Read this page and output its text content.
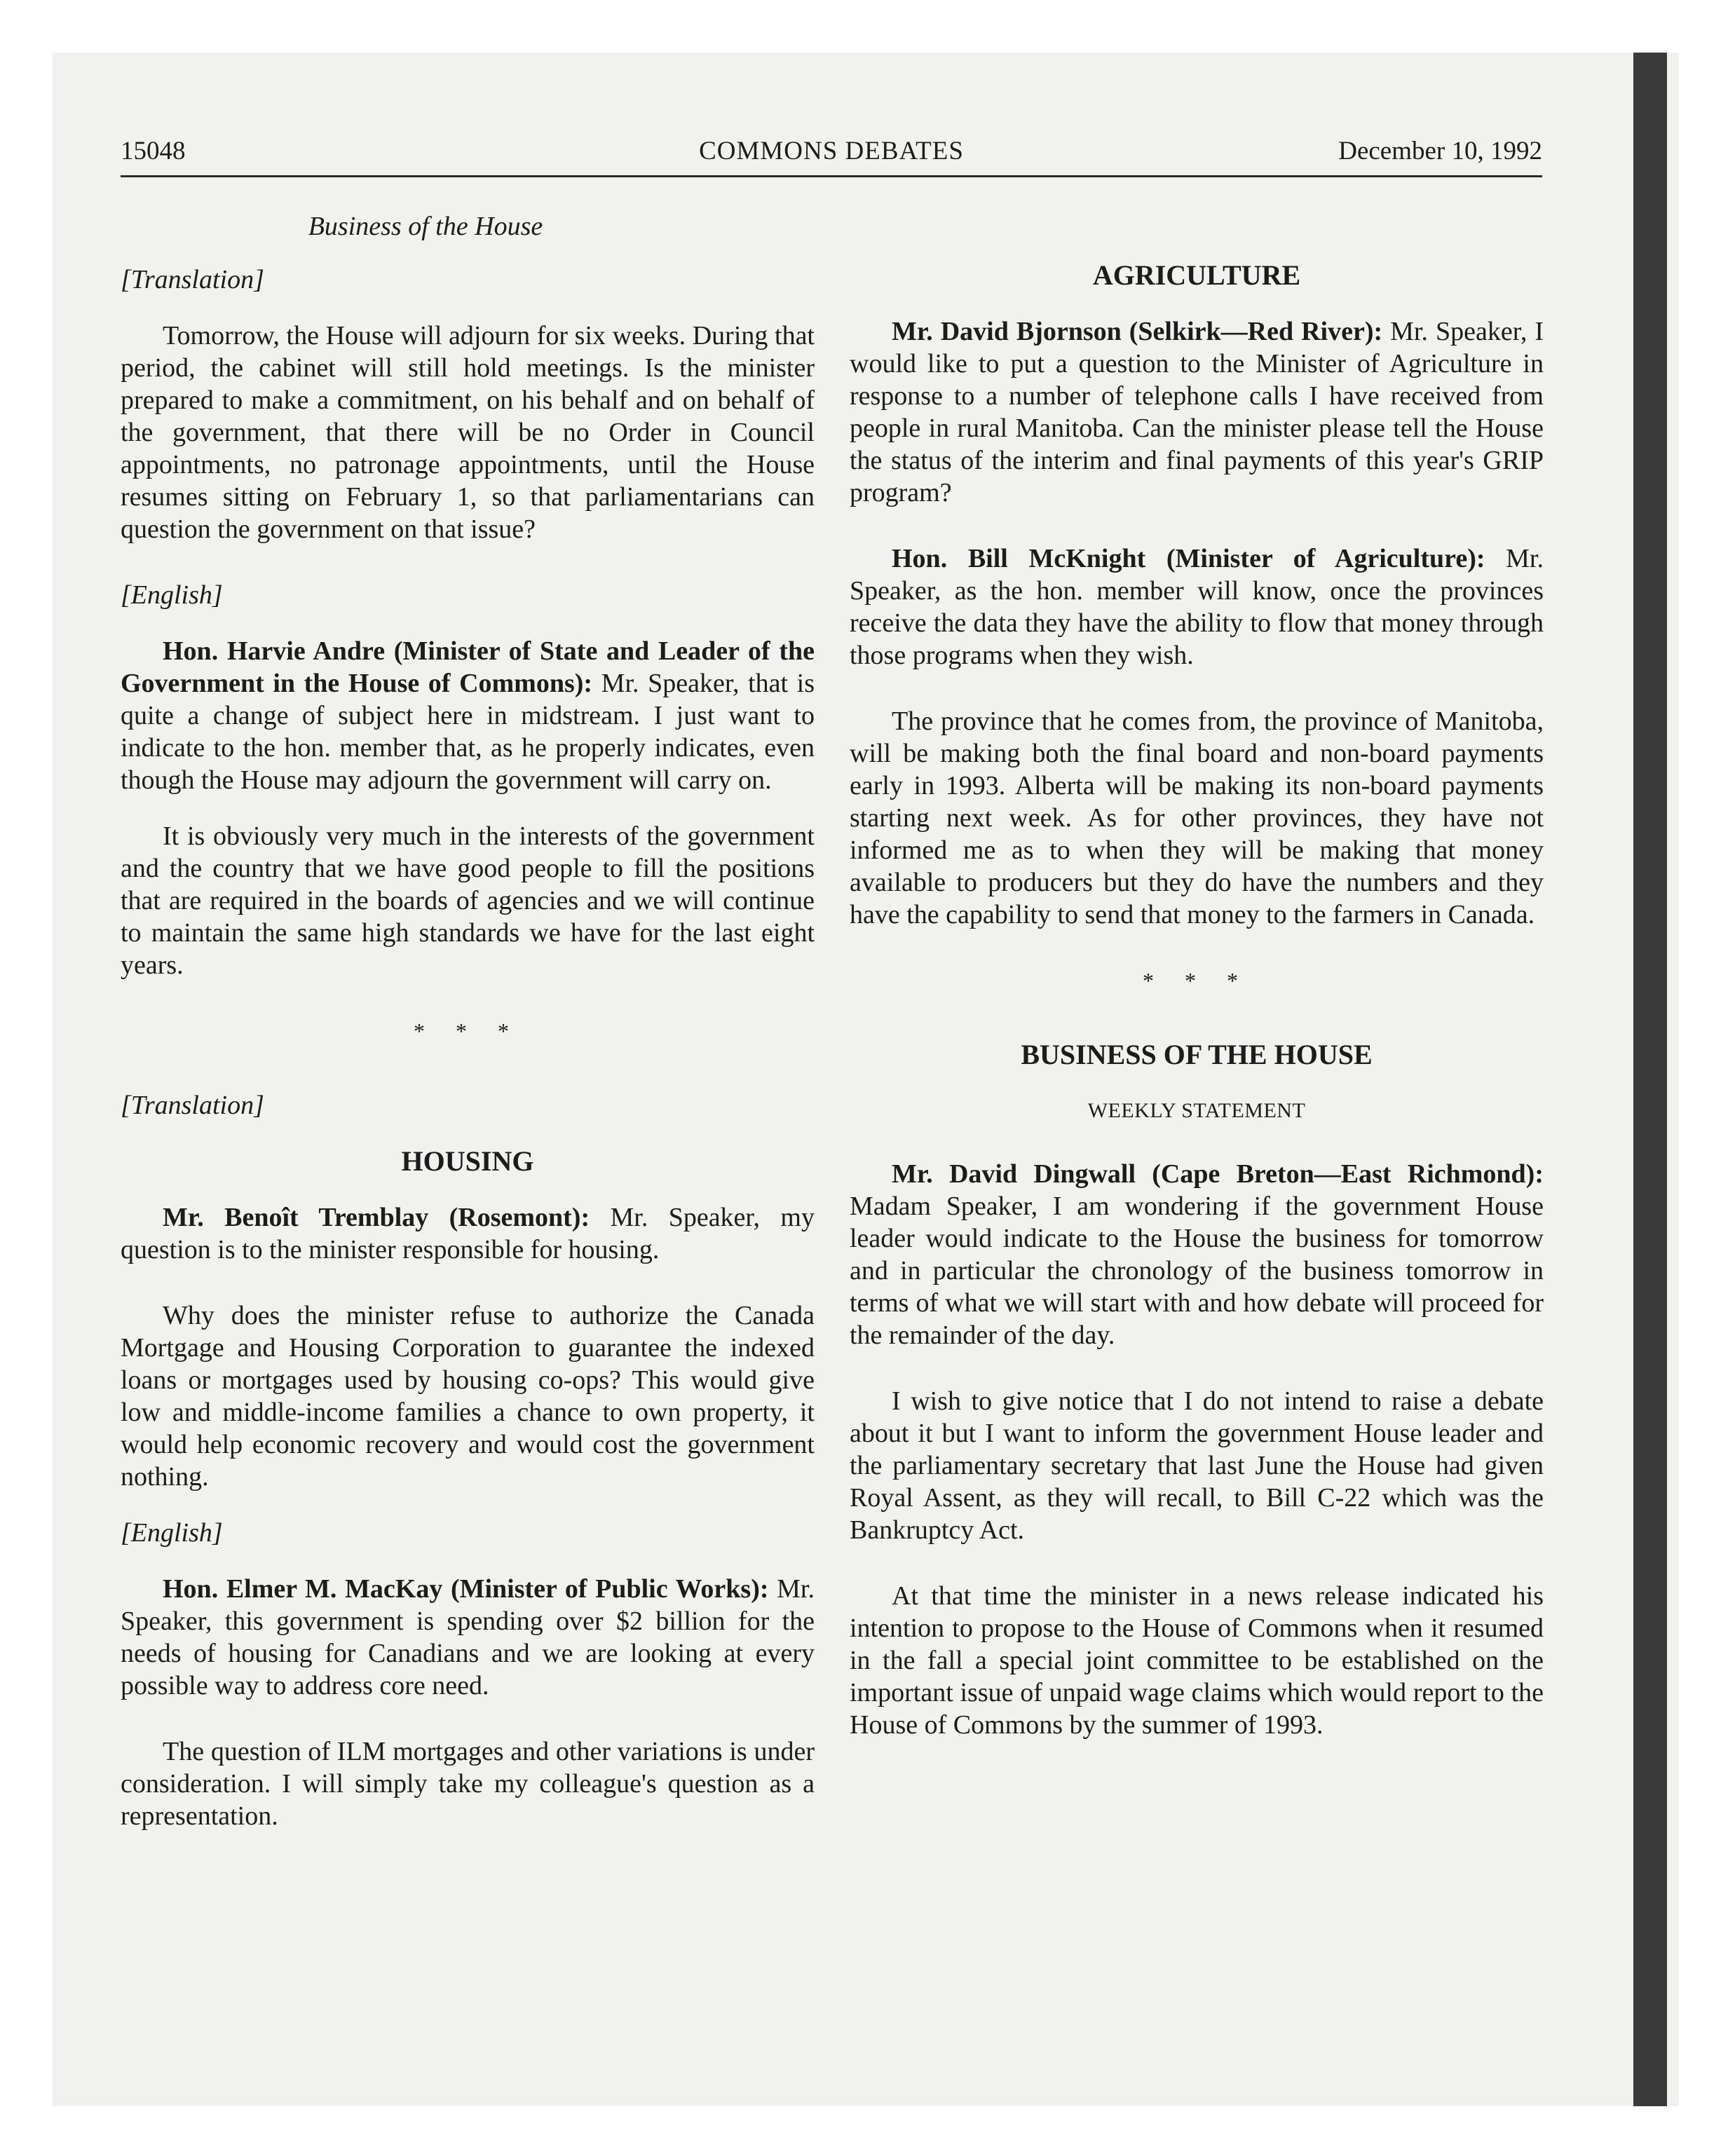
15048	COMMONS DEBATES	December 10, 1992
Business of the House
[Translation]

Tomorrow, the House will adjourn for six weeks. During that period, the cabinet will still hold meetings. Is the minister prepared to make a commitment, on his behalf and on behalf of the government, that there will be no Order in Council appointments, no patronage appointments, until the House resumes sitting on February 1, so that parliamentarians can question the government on that issue?

[English]

Hon. Harvie Andre (Minister of State and Leader of the Government in the House of Commons): Mr. Speaker, that is quite a change of subject here in midstream. I just want to indicate to the hon. member that, as he properly indicates, even though the House may adjourn the government will carry on.

It is obviously very much in the interests of the government and the country that we have good people to fill the positions that are required in the boards of agencies and we will continue to maintain the same high standards we have for the last eight years.

* * *
[Translation]
HOUSING

Mr. Benoît Tremblay (Rosemont): Mr. Speaker, my question is to the minister responsible for housing.

Why does the minister refuse to authorize the Canada Mortgage and Housing Corporation to guarantee the indexed loans or mortgages used by housing co-ops? This would give low and middle-income families a chance to own property, it would help economic recovery and would cost the government nothing.

[English]

Hon. Elmer M. MacKay (Minister of Public Works): Mr. Speaker, this government is spending over $2 billion for the needs of housing for Canadians and we are looking at every possible way to address core need.

The question of ILM mortgages and other variations is under consideration. I will simply take my colleague's question as a representation.

AGRICULTURE

Mr. David Bjornson (Selkirk—Red River): Mr. Speaker, I would like to put a question to the Minister of Agriculture in response to a number of telephone calls I have received from people in rural Manitoba. Can the minister please tell the House the status of the interim and final payments of this year's GRIP program?

Hon. Bill McKnight (Minister of Agriculture): Mr. Speaker, as the hon. member will know, once the provinces receive the data they have the ability to flow that money through those programs when they wish.

The province that he comes from, the province of Manitoba, will be making both the final board and non-board payments early in 1993. Alberta will be making its non-board payments starting next week. As for other provinces, they have not informed me as to when they will be making that money available to producers but they do have the numbers and they have the capability to send that money to the farmers in Canada.

* * *
BUSINESS OF THE HOUSE
WEEKLY STATEMENT

Mr. David Dingwall (Cape Breton—East Richmond): Madam Speaker, I am wondering if the government House leader would indicate to the House the business for tomorrow and in particular the chronology of the business tomorrow in terms of what we will start with and how debate will proceed for the remainder of the day.

I wish to give notice that I do not intend to raise a debate about it but I want to inform the government House leader and the parliamentary secretary that last June the House had given Royal Assent, as they will recall, to Bill C-22 which was the Bankruptcy Act.

At that time the minister in a news release indicated his intention to propose to the House of Commons when it resumed in the fall a special joint committee to be established on the important issue of unpaid wage claims which would report to the House of Commons by the summer of 1993.
